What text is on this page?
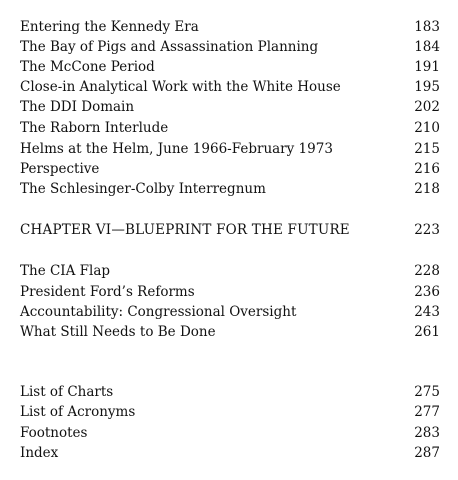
Entering the Kennedy Era	183
The Bay of Pigs and Assassination Planning	184
The McCone Period	191
Close-in Analytical Work with the White House	195
The DDI Domain	202
The Raborn Interlude	210
Helms at the Helm, June 1966-February 1973	215
Perspective	216
The Schlesinger-Colby Interregnum	218
CHAPTER VI—BLUEPRINT FOR THE FUTURE	223
The CIA Flap	228
President Ford’s Reforms	236
Accountability: Congressional Oversight	243
What Still Needs to Be Done	261
List of Charts	275
List of Acronyms	277
Footnotes	283
Index	287
